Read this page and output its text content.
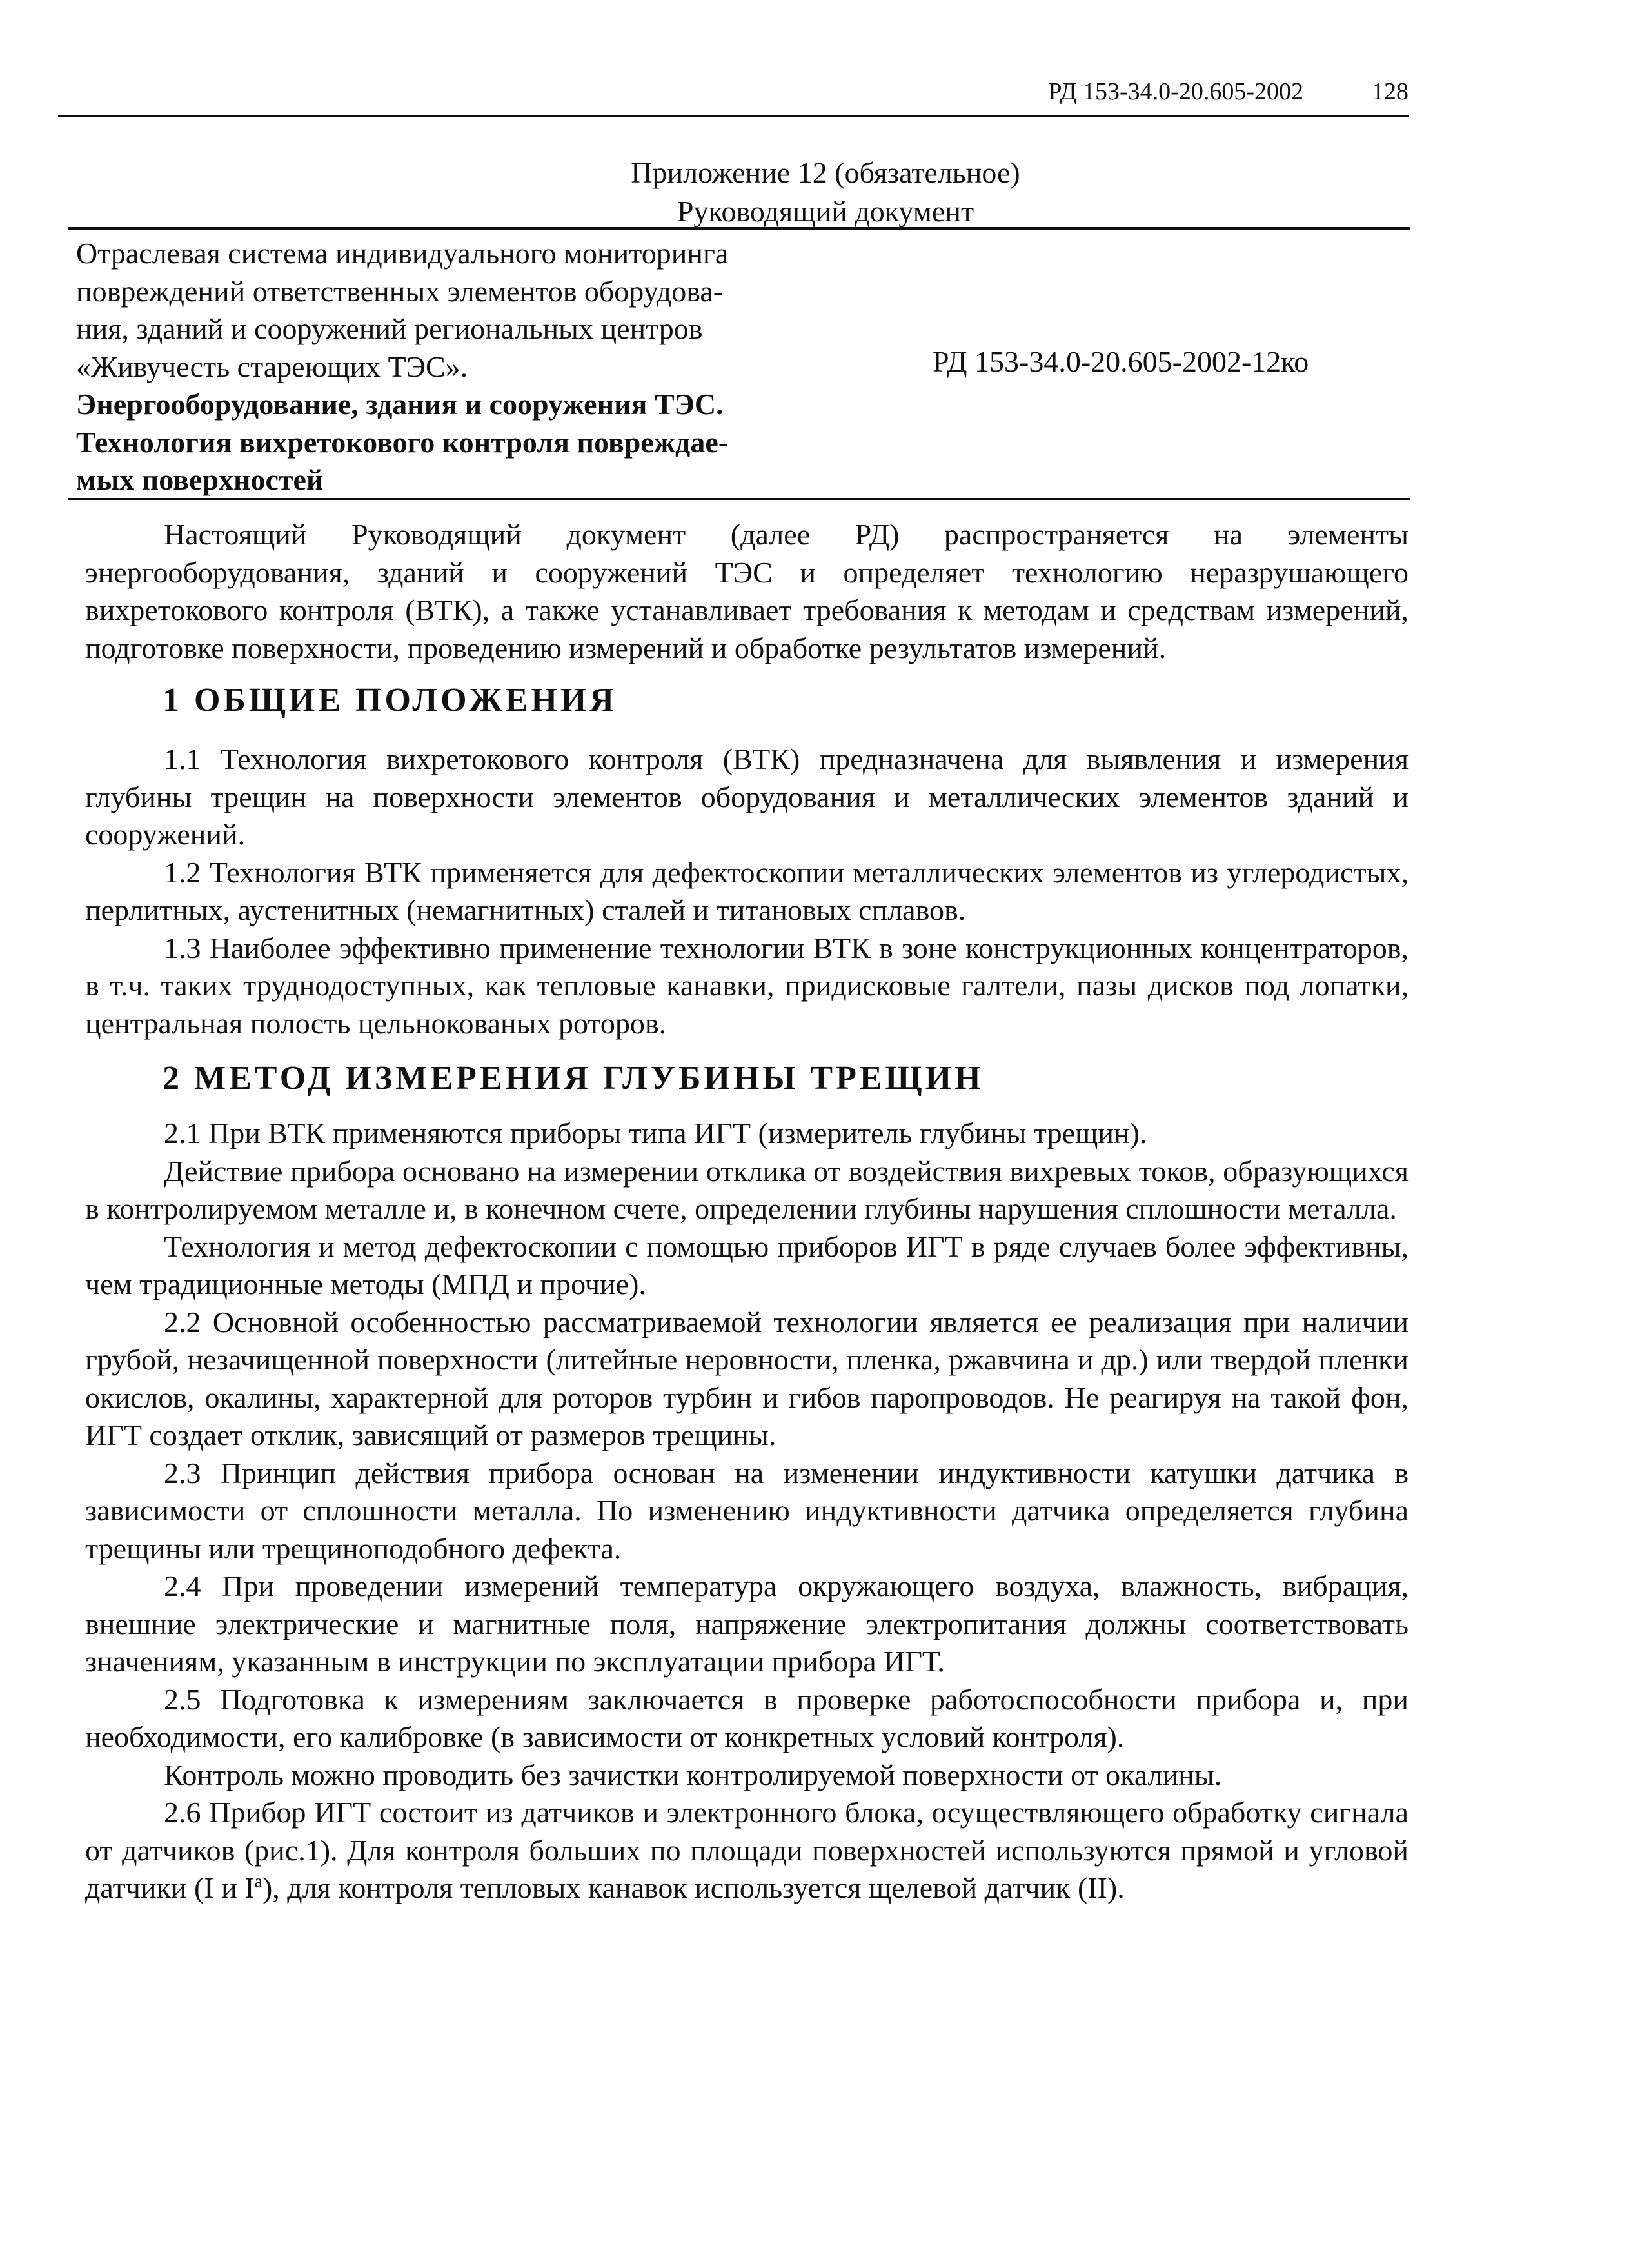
РД 153-34.0-20.605-2002	128
Приложение 12 (обязательное)
Руководящий документ
Отраслевая система индивидуального мониторинга
повреждений ответственных элементов оборудова-
ния, зданий и сооружений региональных центров
«Живучесть стареющих ТЭС».
Энергооборудование, здания и сооружения ТЭС.
Технология вихретокового контроля повреждае-
мых поверхностей
РД 153-34.0-20.605-2002-12ко

Настоящий Руководящий документ (далее РД) распространяется на элементы энергооборудования, зданий и сооружений ТЭС и определяет технологию неразрушающего вихретокового контроля (ВТК), а также устанавливает требования к методам и средствам измерений, подготовке поверхности, проведению измерений и обработке результатов измерений.

1 ОБЩИЕ ПОЛОЖЕНИЯ

1.1 Технология вихретокового контроля (ВТК) предназначена для выявления и измерения глубины трещин на поверхности элементов оборудования и металлических элементов зданий и сооружений.

1.2 Технология ВТК применяется для дефектоскопии металлических элементов из углеродистых, перлитных, аустенитных (немагнитных) сталей и титановых сплавов.

1.3 Наиболее эффективно применение технологии ВТК в зоне конструкционных концентраторов, в т.ч. таких труднодоступных, как тепловые канавки, придисковые галтели, пазы дисков под лопатки, центральная полость цельнокованых роторов.

2 МЕТОД ИЗМЕРЕНИЯ ГЛУБИНЫ ТРЕЩИН

2.1 При ВТК применяются приборы типа ИГТ (измеритель глубины трещин).

Действие прибора основано на измерении отклика от воздействия вихревых токов, образующихся в контролируемом металле и, в конечном счете, определении глубины нарушения сплошности металла.

Технология и метод дефектоскопии с помощью приборов ИГТ в ряде случаев более эффективны, чем традиционные методы (МПД и прочие).

2.2 Основной особенностью рассматриваемой технологии является ее реализация при наличии грубой, незачищенной поверхности (литейные неровности, пленка, ржавчина и др.) или твердой пленки окислов, окалины, характерной для роторов турбин и гибов паропроводов. Не реагируя на такой фон, ИГТ создает отклик, зависящий от размеров трещины.

2.3 Принцип действия прибора основан на изменении индуктивности катушки датчика в зависимости от сплошности металла. По изменению индуктивности датчика определяется глубина трещины или трещиноподобного дефекта.

2.4 При проведении измерений температура окружающего воздуха, влажность, вибрация, внешние электрические и магнитные поля, напряжение электропитания должны соответствовать значениям, указанным в инструкции по эксплуатации прибора ИГТ.

2.5 Подготовка к измерениям заключается в проверке работоспособности прибора и, при необходимости, его калибровке (в зависимости от конкретных условий контроля).

Контроль можно проводить без зачистки контролируемой поверхности от окалины.

2.6 Прибор ИГТ состоит из датчиков и электронного блока, осуществляющего обработку сигнала от датчиков (рис.1). Для контроля больших по площади поверхностей используются прямой и угловой датчики (I и $I^а$), для контроля тепловых канавок используется щелевой датчик (II).
